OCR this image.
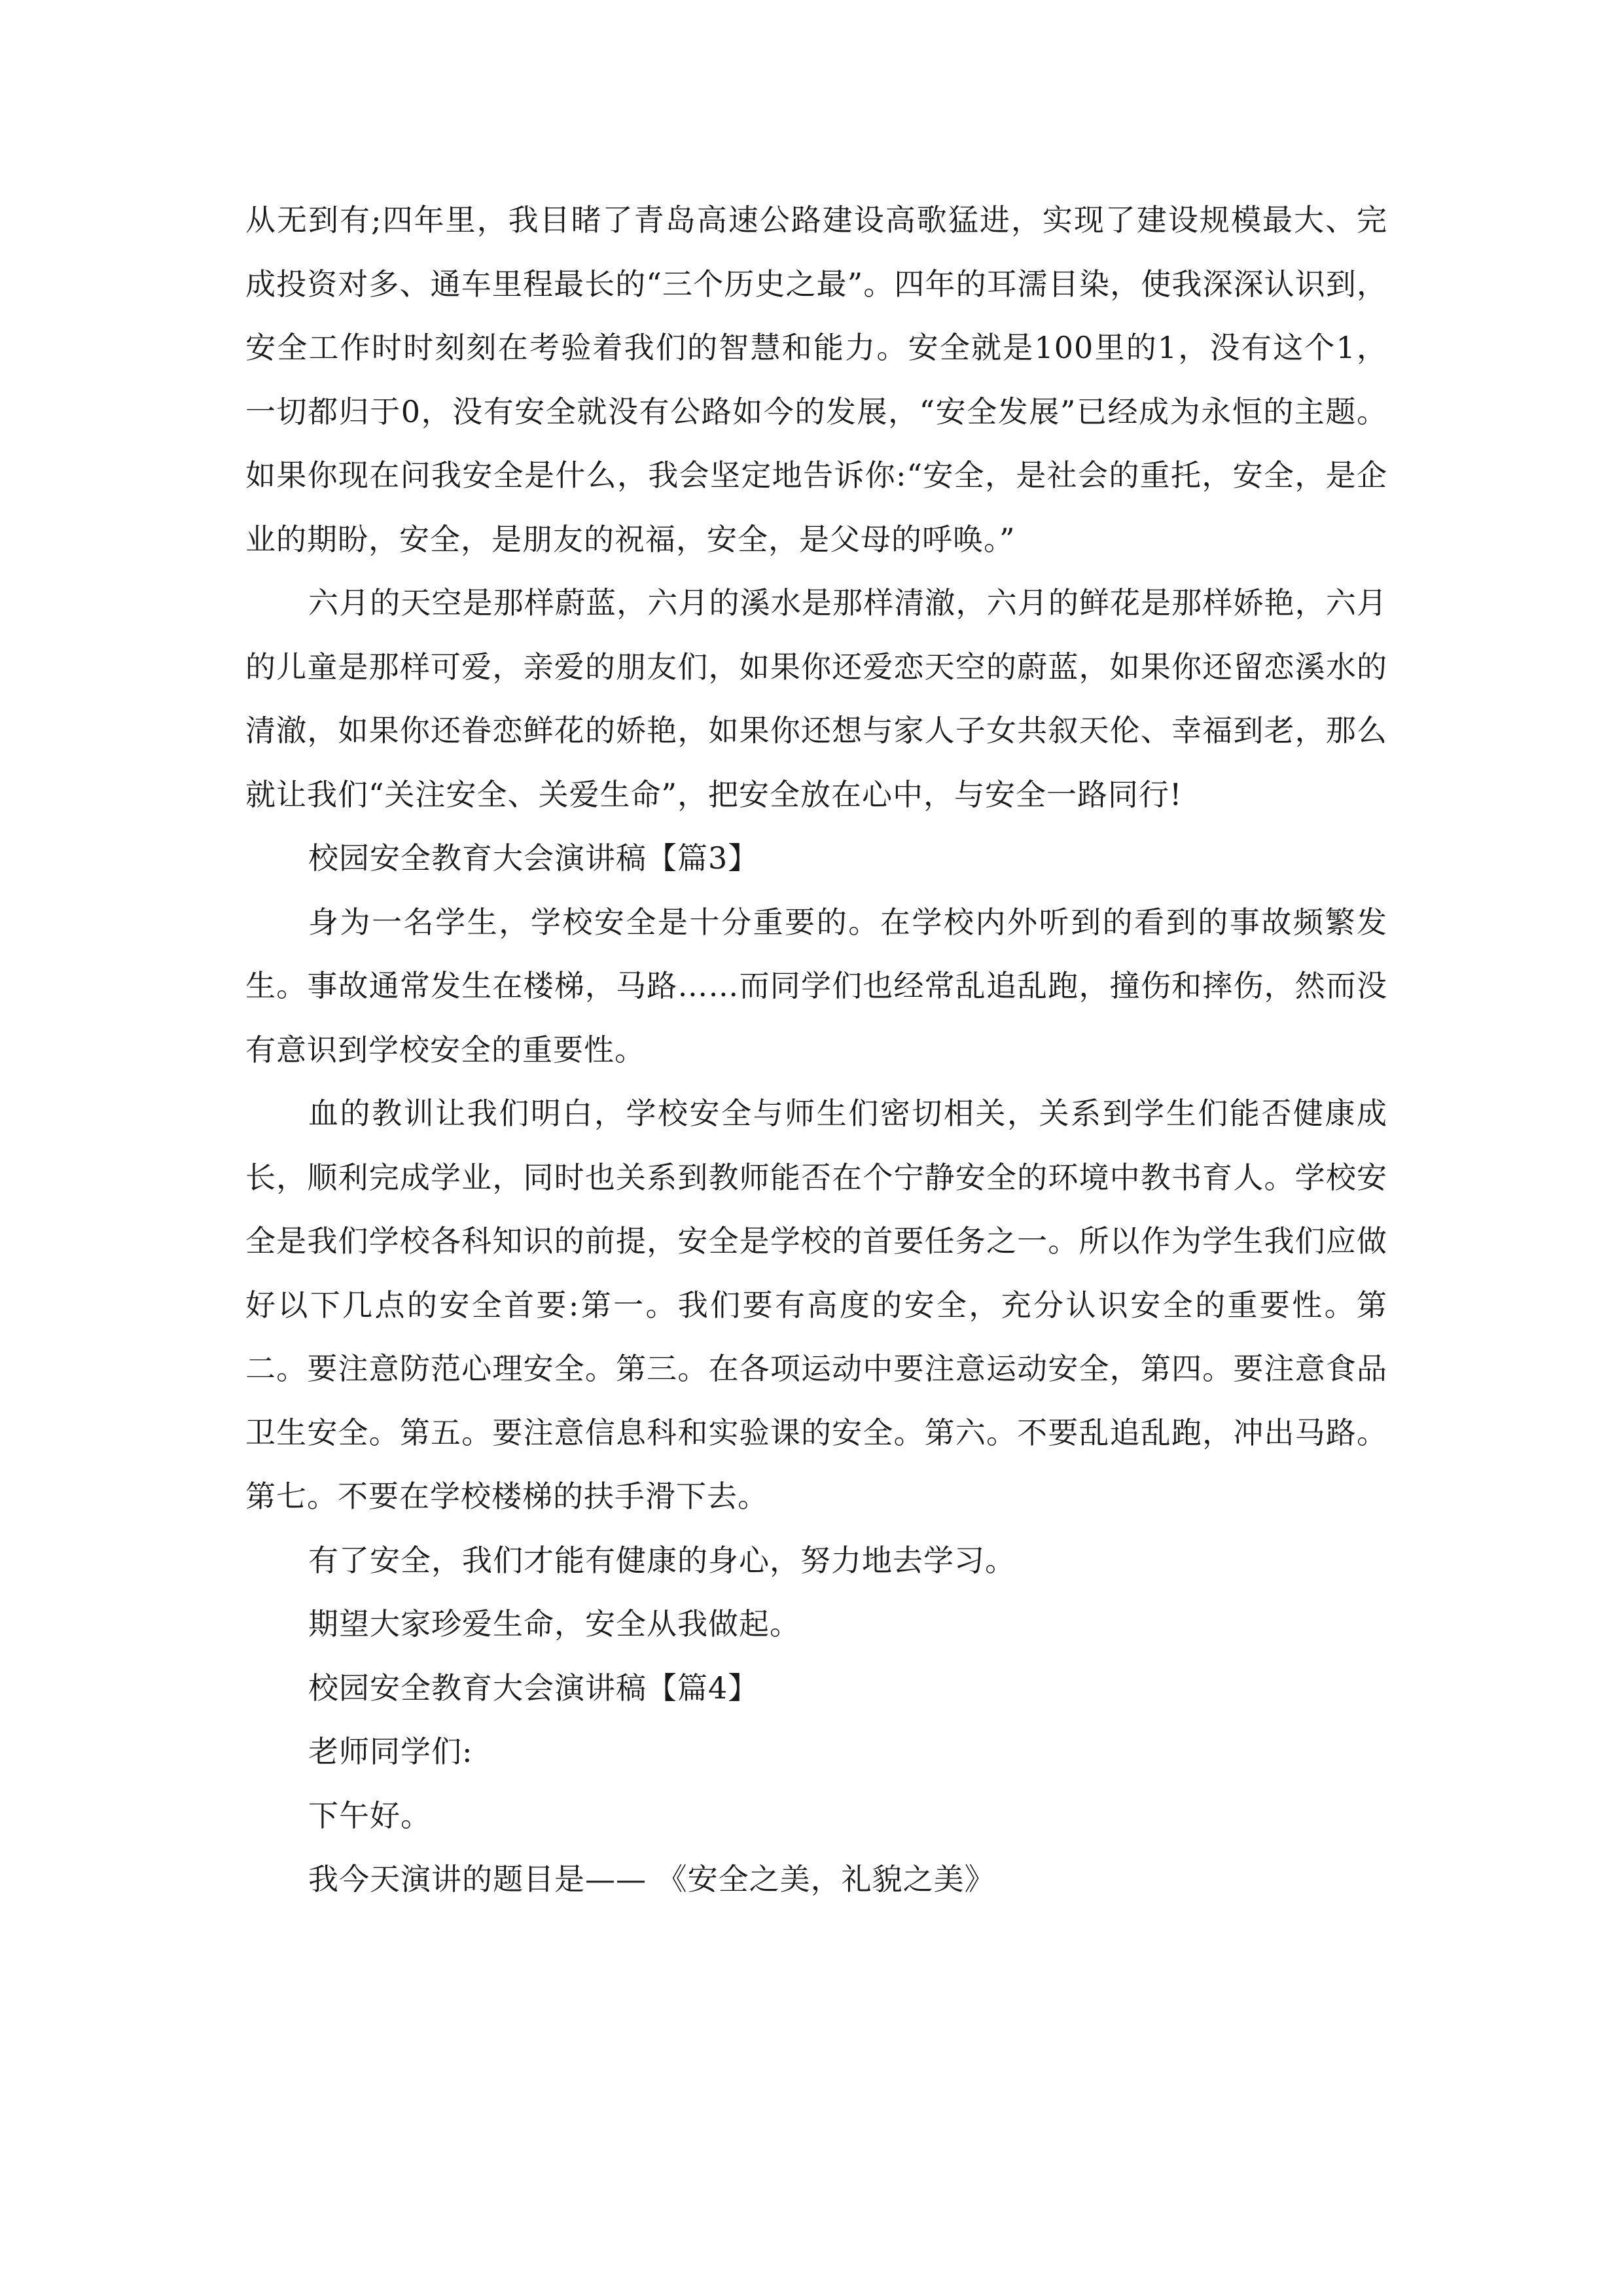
从无到有;四年里，我目睹了青岛高速公路建设高歌猛进，实现了建设规模最大、完成投资对多、通车里程最长的“三个历史之最”。四年的耳濡目染，使我深深认识到，安全工作时时刻刻在考验着我们的智慧和能力。安全就是100里的1，没有这个1，一切都归于0，没有安全就没有公路如今的发展，“安全发展”已经成为永恒的主题。如果你现在问我安全是什么，我会坚定地告诉你:“安全，是社会的重托，安全，是企业的期盼，安全，是朋友的祝福，安全，是父母的呼唤。”

六月的天空是那样蔚蓝，六月的溪水是那样清澈，六月的鲜花是那样娇艳，六月的儿童是那样可爱，亲爱的朋友们，如果你还爱恋天空的蔚蓝，如果你还留恋溪水的清澈，如果你还眷恋鲜花的娇艳，如果你还想与家人子女共叙天伦、幸福到老，那么就让我们“关注安全、关爱生命”，把安全放在心中，与安全一路同行!

校园安全教育大会演讲稿【篇3】

身为一名学生，学校安全是十分重要的。在学校内外听到的看到的事故频繁发生。事故通常发生在楼梯，马路……而同学们也经常乱追乱跑，撞伤和摔伤，然而没有意识到学校安全的重要性。

血的教训让我们明白，学校安全与师生们密切相关，关系到学生们能否健康成长，顺利完成学业，同时也关系到教师能否在个宁静安全的环境中教书育人。学校安全是我们学校各科知识的前提，安全是学校的首要任务之一。所以作为学生我们应做好以下几点的安全首要:第一。我们要有高度的安全，充分认识安全的重要性。第二。要注意防范心理安全。第三。在各项运动中要注意运动安全，第四。要注意食品卫生安全。第五。要注意信息科和实验课的安全。第六。不要乱追乱跑，冲出马路。第七。不要在学校楼梯的扶手滑下去。

有了安全，我们才能有健康的身心，努力地去学习。

期望大家珍爱生命，安全从我做起。

校园安全教育大会演讲稿【篇4】

老师同学们:

下午好。

我今天演讲的题目是—— 《安全之美，礼貌之美》
